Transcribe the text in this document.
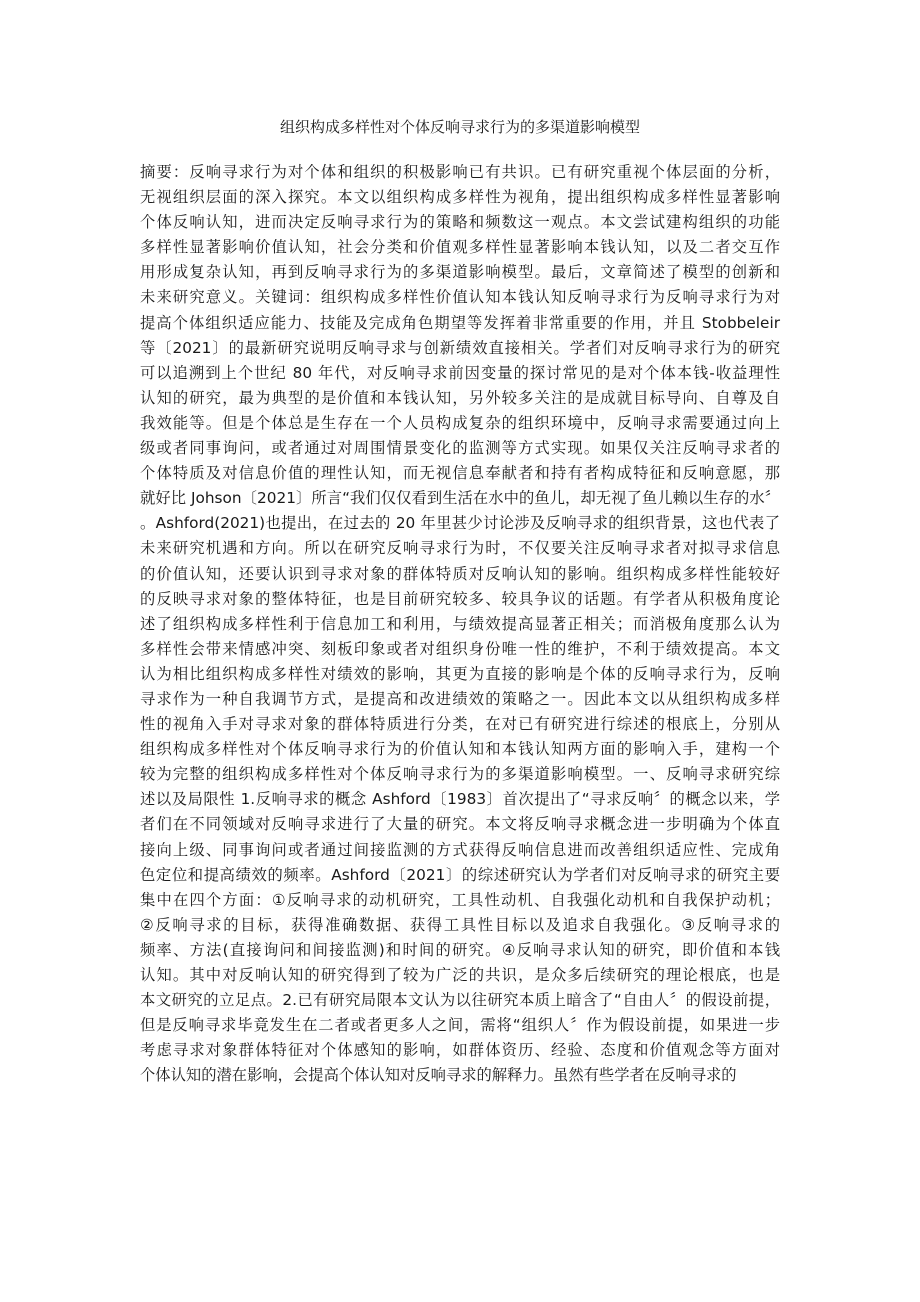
组织构成多样性对个体反响寻求行为的多渠道影响模型
摘要：反响寻求行为对个体和组织的积极影响已有共识。已有研究重视个体层面的分析，
无视组织层面的深入探究。本文以组织构成多样性为视角，提出组织构成多样性显著影响
个体反响认知，进而决定反响寻求行为的策略和频数这一观点。本文尝试建构组织的功能
多样性显著影响价值认知，社会分类和价值观多样性显著影响本钱认知，以及二者交互作
用形成复杂认知，再到反响寻求行为的多渠道影响模型。最后，文章简述了模型的创新和
未来研究意义。关键词：组织构成多样性价值认知本钱认知反响寻求行为反响寻求行为对
提高个体组织适应能力、技能及完成角色期望等发挥着非常重要的作用，并且 Stobbeleir
等〔2021〕的最新研究说明反响寻求与创新绩效直接相关。学者们对反响寻求行为的研究
可以追溯到上个世纪 80 年代，对反响寻求前因变量的探讨常见的是对个体本钱-收益理性
认知的研究，最为典型的是价值和本钱认知，另外较多关注的是成就目标导向、自尊及自
我效能等。但是个体总是生存在一个人员构成复杂的组织环境中，反响寻求需要通过向上
级或者同事询问，或者通过对周围情景变化的监测等方式实现。如果仅关注反响寻求者的
个体特质及对信息价值的理性认知，而无视信息奉献者和持有者构成特征和反响意愿，那
就好比 Johson〔2021〕所言“我们仅仅看到生活在水中的鱼儿，却无视了鱼儿赖以生存的水〞
。Ashford(2021)也提出，在过去的 20 年里甚少讨论涉及反响寻求的组织背景，这也代表了
未来研究机遇和方向。所以在研究反响寻求行为时，不仅要关注反响寻求者对拟寻求信息
的价值认知，还要认识到寻求对象的群体特质对反响认知的影响。组织构成多样性能较好
的反映寻求对象的整体特征，也是目前研究较多、较具争议的话题。有学者从积极角度论
述了组织构成多样性利于信息加工和利用，与绩效提高显著正相关；而消极角度那么认为
多样性会带来情感冲突、刻板印象或者对组织身份唯一性的维护，不利于绩效提高。本文
认为相比组织构成多样性对绩效的影响，其更为直接的影响是个体的反响寻求行为，反响
寻求作为一种自我调节方式，是提高和改进绩效的策略之一。因此本文以从组织构成多样
性的视角入手对寻求对象的群体特质进行分类，在对已有研究进行综述的根底上，分别从
组织构成多样性对个体反响寻求行为的价值认知和本钱认知两方面的影响入手，建构一个
较为完整的组织构成多样性对个体反响寻求行为的多渠道影响模型。一、反响寻求研究综
述以及局限性 1.反响寻求的概念 Ashford〔1983〕首次提出了“寻求反响〞的概念以来，学
者们在不同领域对反响寻求进行了大量的研究。本文将反响寻求概念进一步明确为个体直
接向上级、同事询问或者通过间接监测的方式获得反响信息进而改善组织适应性、完成角
色定位和提高绩效的频率。Ashford〔2021〕的综述研究认为学者们对反响寻求的研究主要
集中在四个方面：①反响寻求的动机研究，工具性动机、自我强化动机和自我保护动机；
②反响寻求的目标，获得准确数据、获得工具性目标以及追求自我强化。③反响寻求的
频率、方法(直接询问和间接监测)和时间的研究。④反响寻求认知的研究，即价值和本钱
认知。其中对反响认知的研究得到了较为广泛的共识，是众多后续研究的理论根底，也是
本文研究的立足点。2.已有研究局限本文认为以往研究本质上暗含了“自由人〞的假设前提，
但是反响寻求毕竟发生在二者或者更多人之间，需将“组织人〞作为假设前提，如果进一步
考虑寻求对象群体特征对个体感知的影响，如群体资历、经验、态度和价值观念等方面对
个体认知的潜在影响，会提高个体认知对反响寻求的解释力。虽然有些学者在反响寻求的
